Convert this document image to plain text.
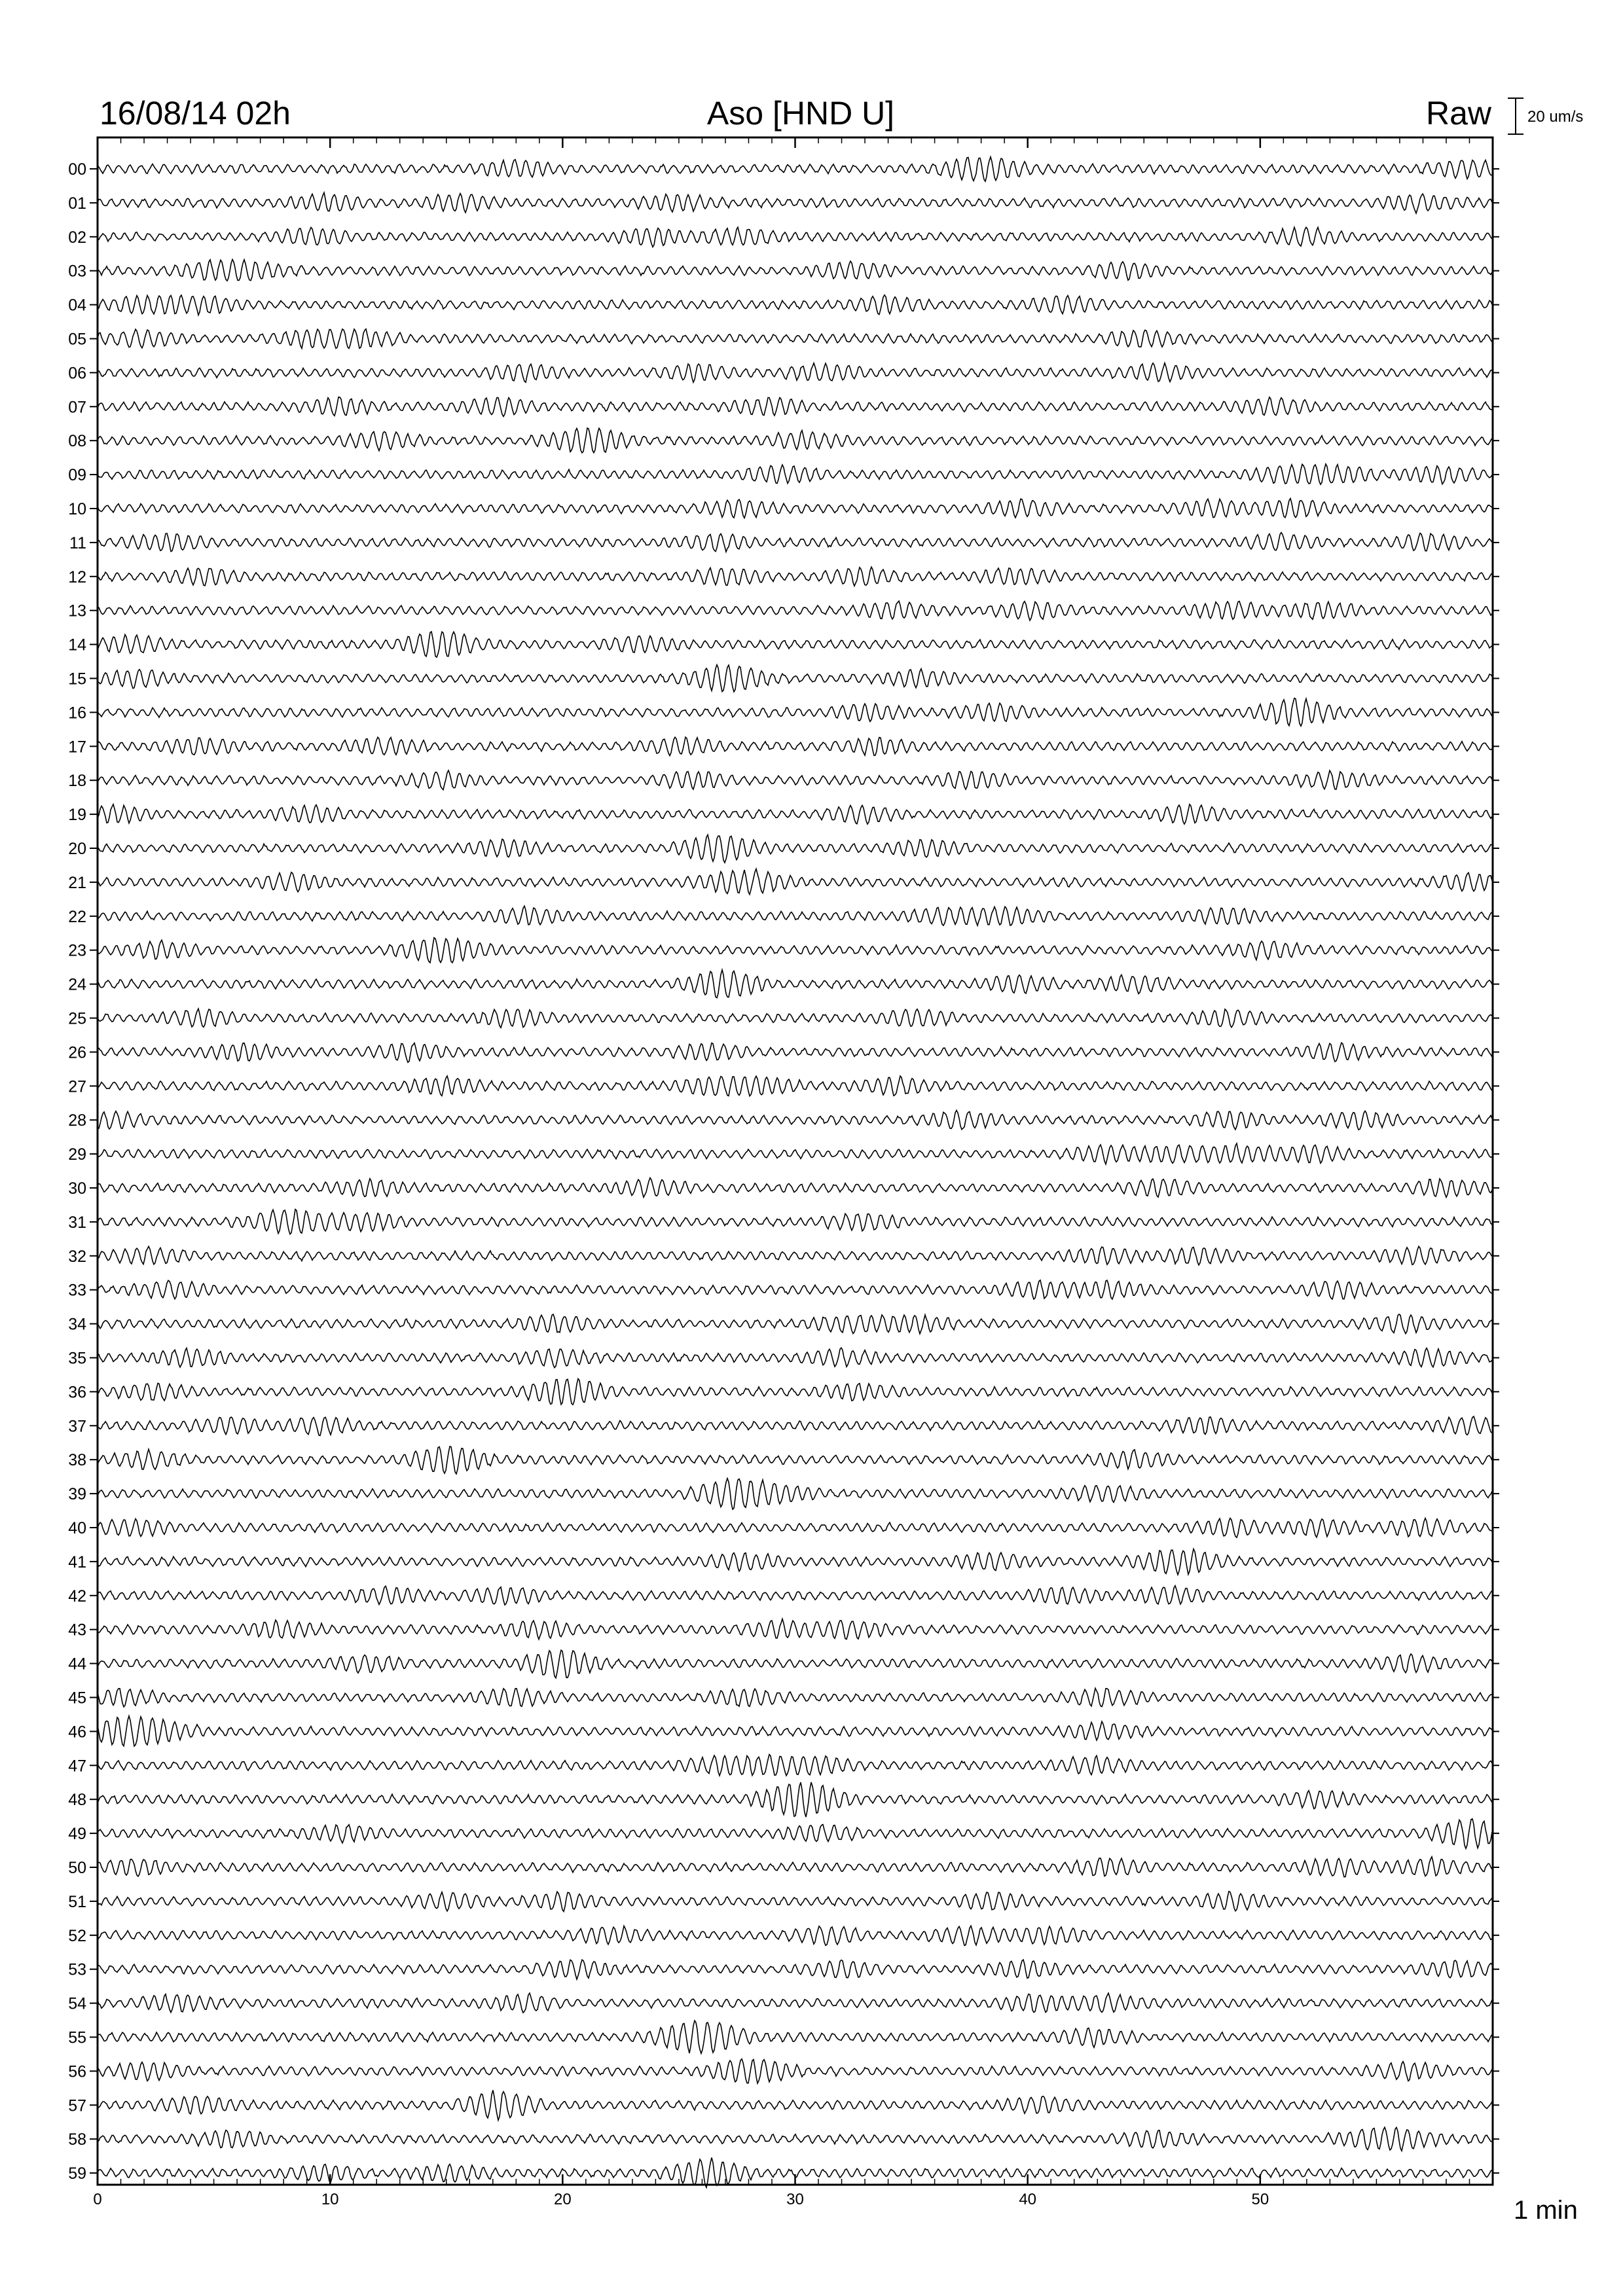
16/08/14 02h	Aso [HND U]	Raw 20 um/s
00
01
02
03
04
05
06
07
08
09
10
11
12
13
14
15
16
17
18
19
20
21
22
23
24
25
26
27
28
29
30
31
32
33
34
35
36
37
38
39
40
41
42
43
44
45
46
47
48
49
50
51
52
53
54
55
56
57
58
59
0	10	20	30	40	50	1 min
